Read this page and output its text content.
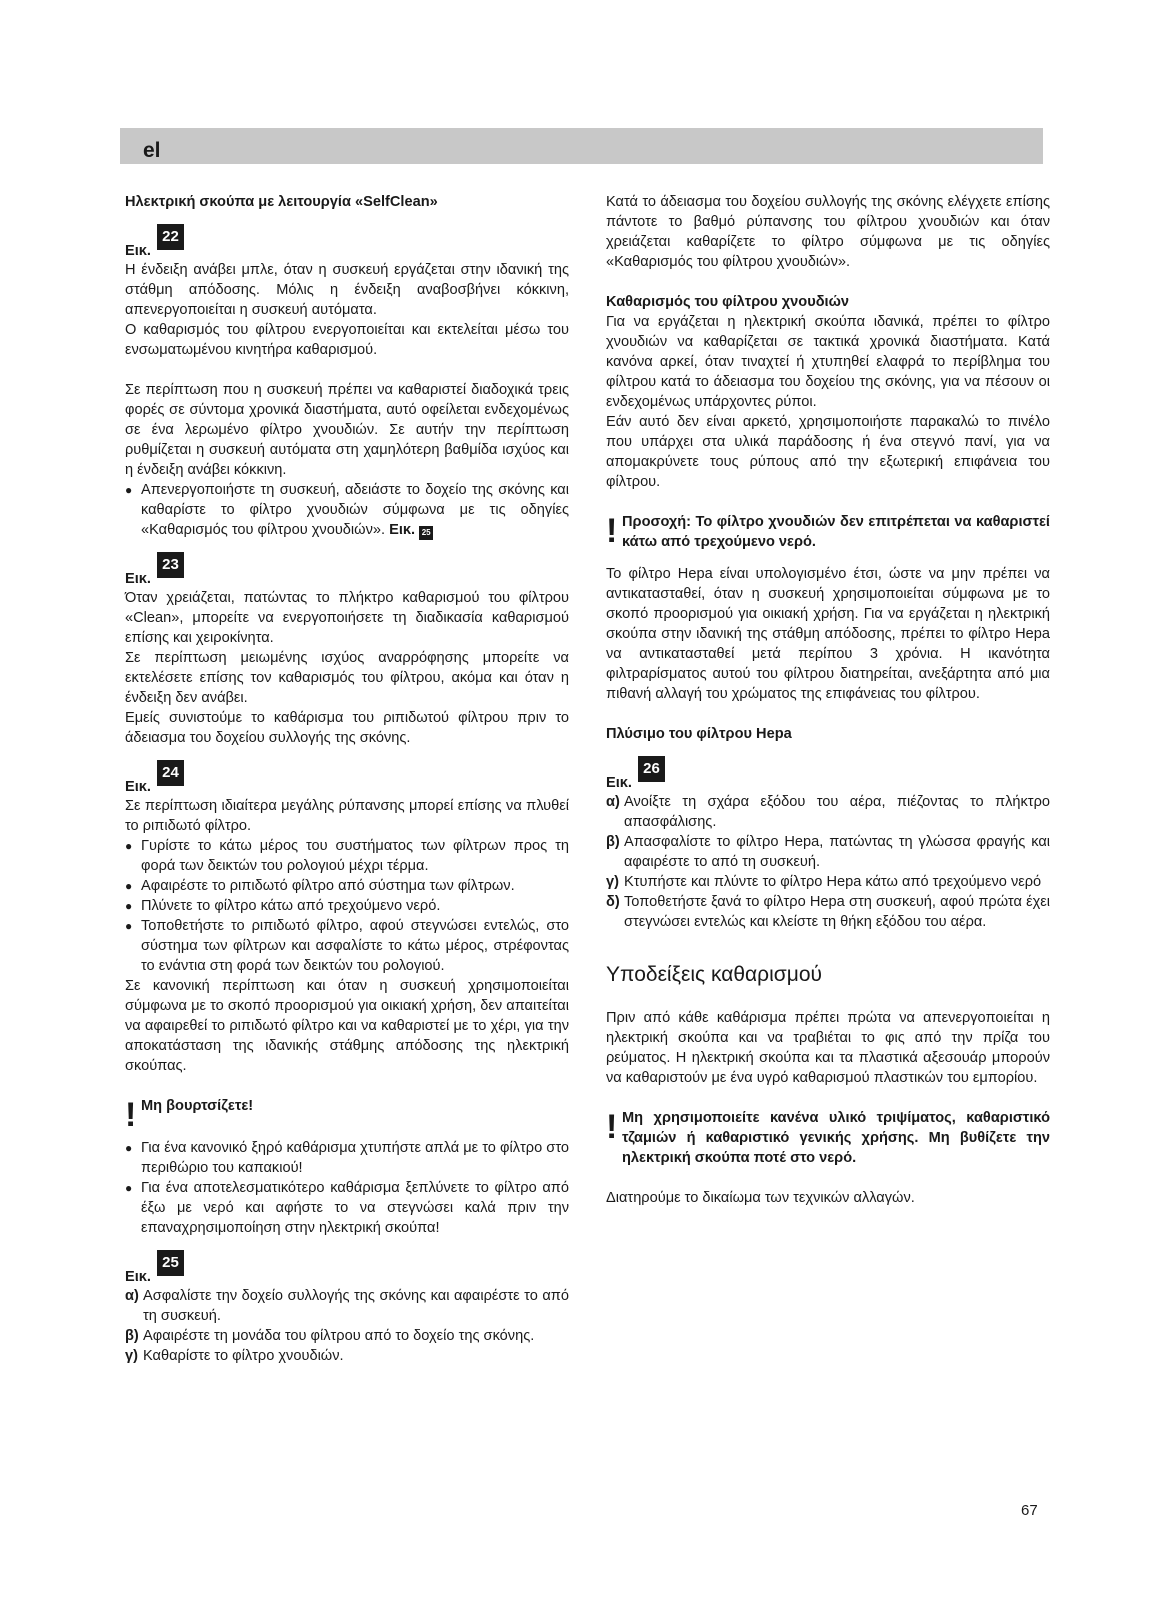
el

Ηλεκτρική σκούπα με λειτουργία «SelfClean»

Εικ.
22

Η ένδειξη ανάβει μπλε, όταν η συσκευή εργάζεται στην ιδανική της στάθμη απόδοσης. Μόλις η ένδειξη αναβοσβήνει κόκκινη, απενεργοποιείται η συσκευή αυτόματα.

Ο καθαρισμός του φίλτρου ενεργοποιείται και εκτελείται μέσω του ενσωματωμένου κινητήρα καθαρισμού.

Σε περίπτωση που η συσκευή πρέπει να καθαριστεί διαδοχικά τρεις φορές σε σύντομα χρονικά διαστήματα, αυτό οφείλεται ενδεχομένως σε ένα λερωμένο φίλτρο χνουδιών. Σε αυτήν την περίπτωση ρυθμίζεται η συσκευή αυτόματα στη χαμηλότερη βαθμίδα ισχύος και η ένδειξη ανάβει κόκκινη.

● Απενεργοποιήστε τη συσκευή, αδειάστε το δοχείο της σκόνης και καθαρίστε το φίλτρο χνουδιών σύμφωνα με τις οδηγίες «Καθαρισμός του φίλτρου χνουδιών». Εικ. 25
Εικ.
23

Όταν χρειάζεται, πατώντας το πλήκτρο καθαρισμού του φίλτρου «Clean», μπορείτε να ενεργοποιήσετε τη διαδικασία καθαρισμού επίσης και χειροκίνητα.

Σε περίπτωση μειωμένης ισχύος αναρρόφησης μπορείτε να εκτελέσετε επίσης τον καθαρισμός του φίλτρου, ακόμα και όταν η ένδειξη δεν ανάβει.

Εμείς συνιστούμε το καθάρισμα του ριπιδωτού φίλτρου πριν το άδειασμα του δοχείου συλλογής της σκόνης.

Εικ.
24

Σε περίπτωση ιδιαίτερα μεγάλης ρύπανσης μπορεί επίσης να πλυθεί το ριπιδωτό φίλτρο.

● Γυρίστε το κάτω μέρος του συστήματος των φίλτρων προς τη φορά των δεικτών του ρολογιού μέχρι τέρμα.
● Αφαιρέστε το ριπιδωτό φίλτρο από σύστημα των φίλτρων.
● Πλύνετε το φίλτρο κάτω από τρεχούμενο νερό.
● Τοποθετήστε το ριπιδωτό φίλτρο, αφού στεγνώσει εντελώς, στο σύστημα των φίλτρων και ασφαλίστε το κάτω μέρος, στρέφοντας το ενάντια στη φορά των δεικτών του ρολογιού.

Σε κανονική περίπτωση και όταν η συσκευή χρησιμοποιείται σύμφωνα με το σκοπό προορισμού για οικιακή χρήση, δεν απαιτείται να αφαιρεθεί το ριπιδωτό φίλτρο και να καθαριστεί με το χέρι, για την αποκατάσταση της ιδανικής στάθμης απόδοσης της ηλεκτρική σκούπας.

! Μη βουρτσίζετε!
● Για ένα κανονικό ξηρό καθάρισμα χτυπήστε απλά με το φίλτρο στο περιθώριο του καπακιού!
● Για ένα αποτελεσματικότερο καθάρισμα ξεπλύνετε το φίλτρο από έξω με νερό και αφήστε το να στεγνώσει καλά πριν την επαναχρησιμοποίηση στην ηλεκτρική σκούπα!
Εικ.
25
α) Ασφαλίστε την δοχείο συλλογής της σκόνης και αφαιρέστε το από τη συσκευή.
β) Αφαιρέστε τη μονάδα του φίλτρου από το δοχείο της σκόνης.
γ) Καθαρίστε το φίλτρο χνουδιών.

Κατά το άδειασμα του δοχείου συλλογής της σκόνης ελέγχετε επίσης πάντοτε το βαθμό ρύπανσης του φίλτρου χνουδιών και όταν χρειάζεται καθαρίζετε το φίλτρο σύμφωνα με τις οδηγίες «Καθαρισμός του φίλτρου χνουδιών».

Καθαρισμός του φίλτρου χνουδιών

Για να εργάζεται η ηλεκτρική σκούπα ιδανικά, πρέπει το φίλτρο χνουδιών να καθαρίζεται σε τακτικά χρονικά διαστήματα. Κατά κανόνα αρκεί, όταν τιναχτεί ή χτυπηθεί ελαφρά το περίβλημα του φίλτρου κατά το άδειασμα του δοχείου της σκόνης, για να πέσουν οι ενδεχομένως υπάρχοντες ρύποι.

Εάν αυτό δεν είναι αρκετό, χρησιμοποιήστε παρακαλώ το πινέλο που υπάρχει στα υλικά παράδοσης ή ένα στεγνό πανί, για να απομακρύνετε τους ρύπους από την εξωτερική επιφάνεια του φίλτρου.

! Προσοχή: Το φίλτρο χνουδιών δεν επιτρέπεται να καθαριστεί κάτω από τρεχούμενο νερό.

Το φίλτρο Hepa είναι υπολογισμένο έτσι, ώστε να μην πρέπει να αντικατασταθεί, όταν η συσκευή χρησιμοποιείται σύμφωνα με το σκοπό προορισμού για οικιακή χρήση. Για να εργάζεται η ηλεκτρική σκούπα στην ιδανική της στάθμη απόδοσης, πρέπει το φίλτρο Hepa να αντικατασταθεί μετά περίπου 3 χρόνια. Η ικανότητα φιλτραρίσματος αυτού του φίλτρου διατηρείται, ανεξάρτητα από μια πιθανή αλλαγή του χρώματος της επιφάνειας του φίλτρου.

Πλύσιμο του φίλτρου Hepa

Εικ.
26
α) Ανοίξτε τη σχάρα εξόδου του αέρα, πιέζοντας το πλήκτρο απασφάλισης.
β) Απασφαλίστε το φίλτρο Hepa, πατώντας τη γλώσσα φραγής και αφαιρέστε το από τη συσκευή.
γ) Κτυπήστε και πλύντε το φίλτρο Hepa κάτω από τρεχούμενο νερό
δ) Τοποθετήστε ξανά το φίλτρο Hepa στη συσκευή, αφού πρώτα έχει στεγνώσει εντελώς και κλείστε τη θήκη εξόδου του αέρα.

Υποδείξεις καθαρισμού

Πριν από κάθε καθάρισμα πρέπει πρώτα να απενεργοποιείται η ηλεκτρική σκούπα και να τραβιέται το φις από την πρίζα του ρεύματος. Η ηλεκτρική σκούπα και τα πλαστικά αξεσουάρ μπορούν να καθαριστούν με ένα υγρό καθαρισμού πλαστικών του εμπορίου.

! Μη χρησιμοποιείτε κανένα υλικό τριψίματος, καθαριστικό τζαμιών ή καθαριστικό γενικής χρήσης. Μη βυθίζετε την ηλεκτρική σκούπα ποτέ στο νερό.

Διατηρούμε το δικαίωμα των τεχνικών αλλαγών.

67
